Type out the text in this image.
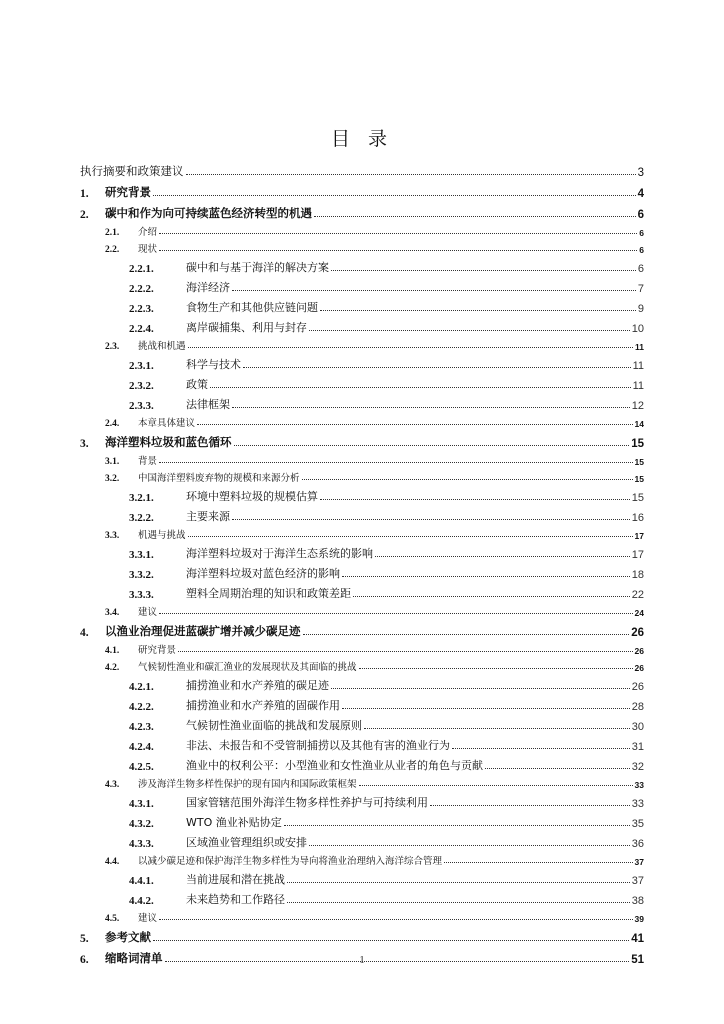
目 录
执行摘要和政策建议	3
1.	研究背景	4
2.	碳中和作为向可持续蓝色经济转型的机遇	6
2.1.	介绍	6
2.2.	现状	6
2.2.1.	碳中和与基于海洋的解决方案	6
2.2.2.	海洋经济	7
2.2.3.	食物生产和其他供应链问题	9
2.2.4.	离岸碳捕集、利用与封存	10
2.3.	挑战和机遇	11
2.3.1.	科学与技术	11
2.3.2.	政策	11
2.3.3.	法律框架	12
2.4.	本章具体建议	14
3.	海洋塑料垃圾和蓝色循环	15
3.1.	背景	15
3.2.	中国海洋塑料废弃物的规模和来源分析	15
3.2.1.	环境中塑料垃圾的规模估算	15
3.2.2.	主要来源	16
3.3.	机遇与挑战	17
3.3.1.	海洋塑料垃圾对于海洋生态系统的影响	17
3.3.2.	海洋塑料垃圾对蓝色经济的影响	18
3.3.3.	塑料全周期治理的知识和政策差距	22
3.4.	建议	24
4.	以渔业治理促进蓝碳扩增并减少碳足迹	26
4.1.	研究背景	26
4.2.	气候韧性渔业和碳汇渔业的发展现状及其面临的挑战	26
4.2.1.	捕捞渔业和水产养殖的碳足迹	26
4.2.2.	捕捞渔业和水产养殖的固碳作用	28
4.2.3.	气候韧性渔业面临的挑战和发展原则	30
4.2.4.	非法、未报告和不受管制捕捞以及其他有害的渔业行为	31
4.2.5.	渔业中的权利公平：小型渔业和女性渔业从业者的角色与贡献	32
4.3.	涉及海洋生物多样性保护的现有国内和国际政策框架	33
4.3.1.	国家管辖范围外海洋生物多样性养护与可持续利用	33
4.3.2.	WTO 渔业补贴协定	35
4.3.3.	区域渔业管理组织或安排	36
4.4.	以减少碳足迹和保护海洋生物多样性为导向将渔业治理纳入海洋综合管理	37
4.4.1.	当前进展和潜在挑战	37
4.4.2.	未来趋势和工作路径	38
4.5.	建议	39
5.	参考文献	41
6.	缩略词清单	51
1
